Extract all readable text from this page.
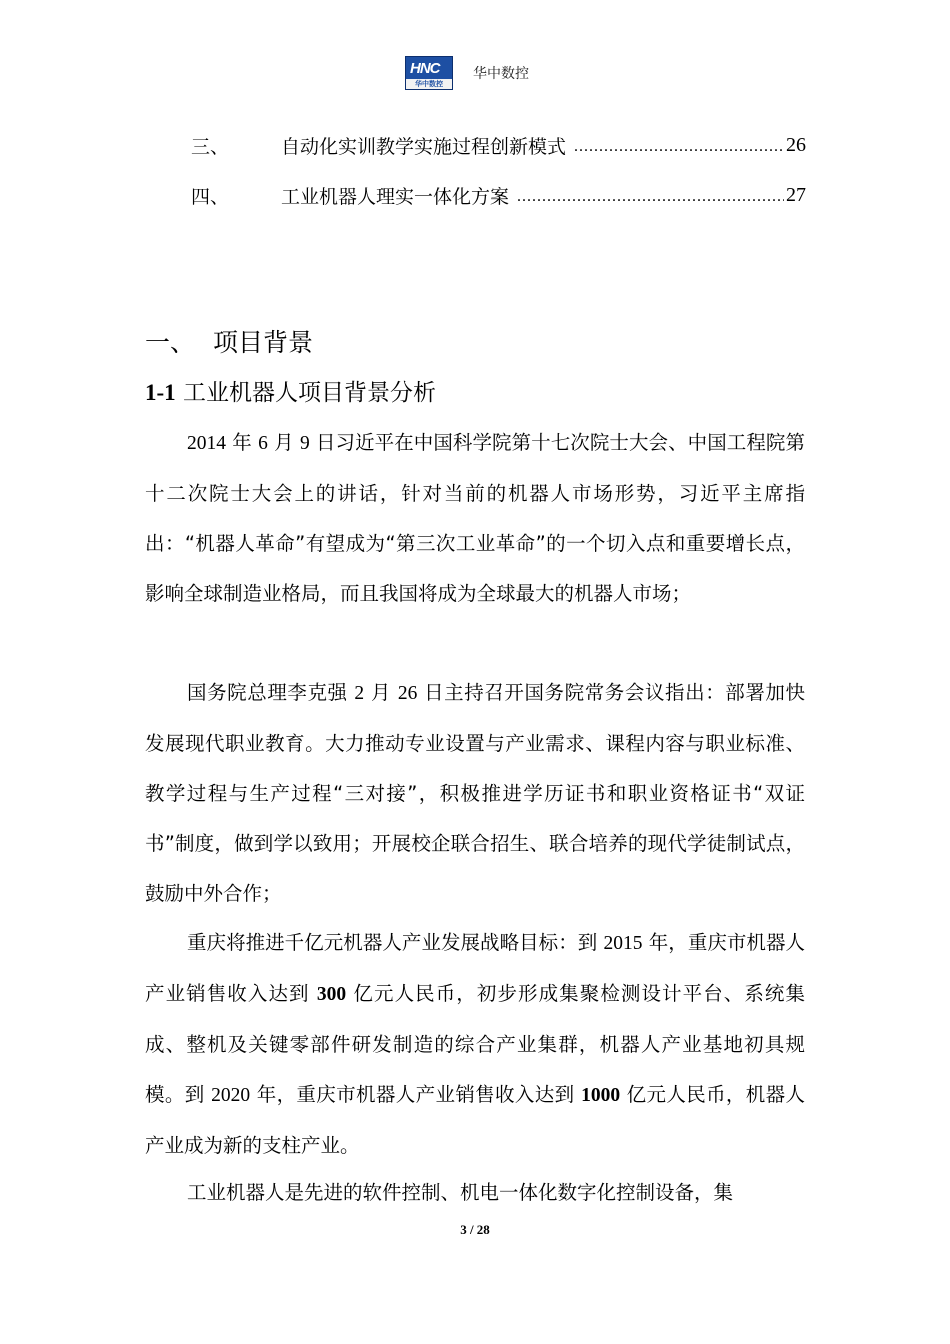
HNC
华中数控
华中数控
三、	自动化实训教学实施过程创新模式 .....	26
四、	工业机器人理实一体化方案 .....	27
一、 项目背景
1-1 工业机器人项目背景分析
2014 年 6 月 9 日习近平在中国科学院第十七次院士大会、中国工程院第十二次院士大会上的讲话，针对当前的机器人市场形势，习近平主席指出：“机器人革命”有望成为“第三次工业革命”的一个切入点和重要增长点，影响全球制造业格局，而且我国将成为全球最大的机器人市场；
国务院总理李克强 2 月 26 日主持召开国务院常务会议指出：部署加快发展现代职业教育。大力推动专业设置与产业需求、课程内容与职业标准、教学过程与生产过程“三对接”，积极推进学历证书和职业资格证书“双证书”制度，做到学以致用；开展校企联合招生、联合培养的现代学徒制试点，鼓励中外合作；
重庆将推进千亿元机器人产业发展战略目标：到 2015 年，重庆市机器人产业销售收入达到 300 亿元人民币，初步形成集聚检测设计平台、系统集成、整机及关键零部件研发制造的综合产业集群，机器人产业基地初具规模。到 2020 年，重庆市机器人产业销售收入达到 1000 亿元人民币，机器人产业成为新的支柱产业。
工业机器人是先进的软件控制、机电一体化数字化控制设备，集
3 / 28
